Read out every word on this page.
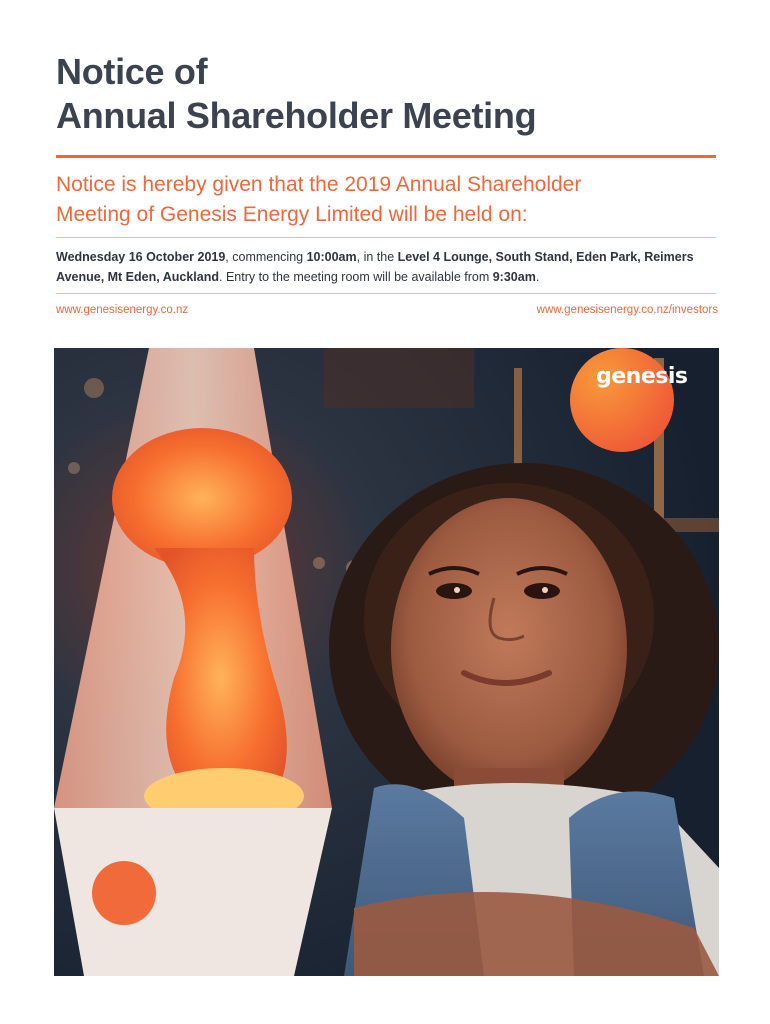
Notice of
Annual Shareholder Meeting

Notice is hereby given that the 2019 Annual Shareholder
Meeting of Genesis Energy Limited will be held on:

Wednesday 16 October 2019, commencing 10:00am, in the Level 4 Lounge, South Stand, Eden Park, Reimers Avenue, Mt Eden, Auckland. Entry to the meeting room will be available from 9:30am.

www.genesisenergy.co.nz	www.genesisenergy.co.nz/investors
genesis
